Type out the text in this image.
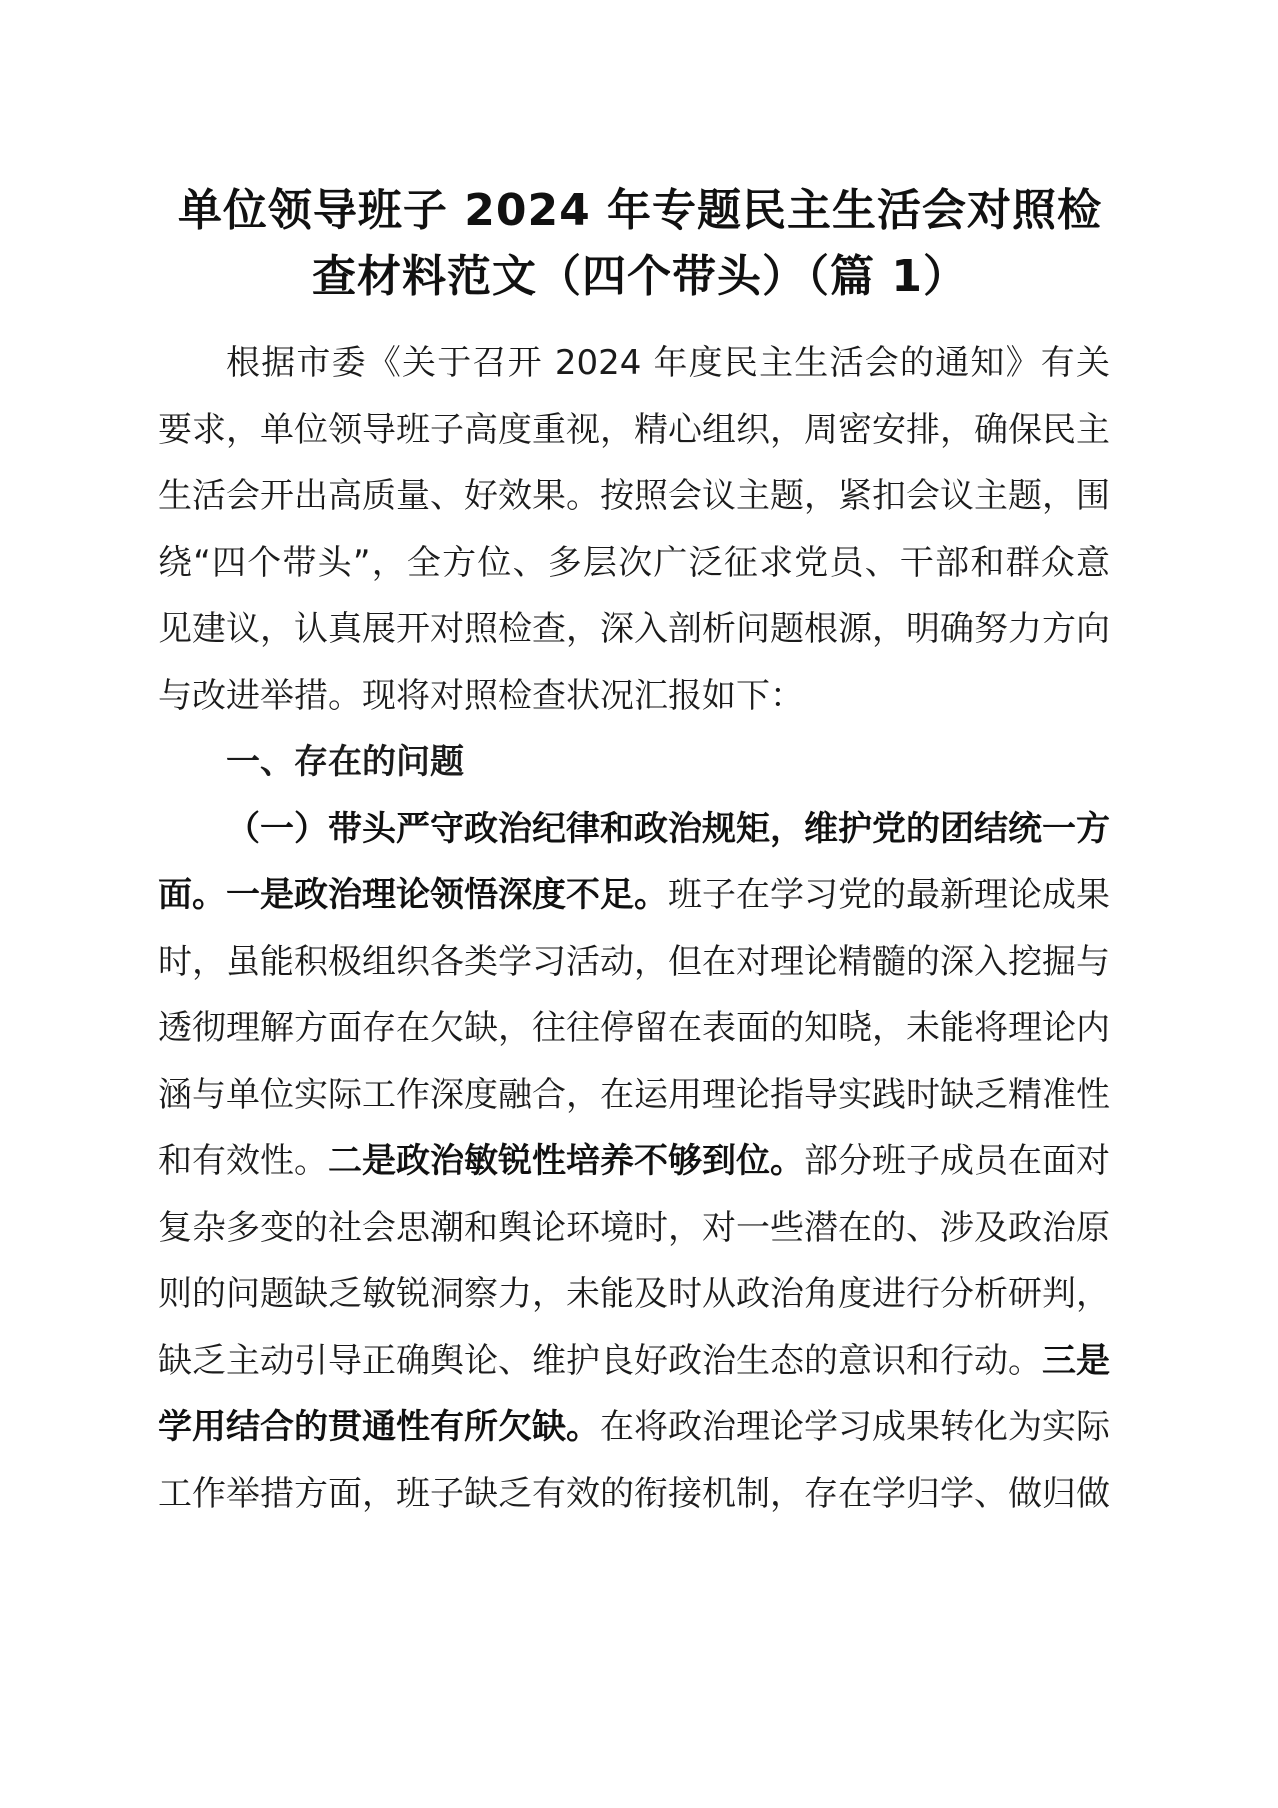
单位领导班子 2024 年专题民主生活会对照检
查材料范文（四个带头）（篇 1）

根据市委《关于召开 2024 年度民主生活会的通知》有关要求，单位领导班子高度重视，精心组织，周密安排，确保民主生活会开出高质量、好效果。按照会议主题，紧扣会议主题，围绕“四个带头”，全方位、多层次广泛征求党员、干部和群众意见建议，认真展开对照检查，深入剖析问题根源，明确努力方向与改进举措。现将对照检查状况汇报如下：

一、存在的问题

（一）带头严守政治纪律和政治规矩，维护党的团结统一方面。一是政治理论领悟深度不足。班子在学习党的最新理论成果时，虽能积极组织各类学习活动，但在对理论精髓的深入挖掘与透彻理解方面存在欠缺，往往停留在表面的知晓，未能将理论内涵与单位实际工作深度融合，在运用理论指导实践时缺乏精准性和有效性。二是政治敏锐性培养不够到位。部分班子成员在面对复杂多变的社会思潮和舆论环境时，对一些潜在的、涉及政治原则的问题缺乏敏锐洞察力，未能及时从政治角度进行分析研判，缺乏主动引导正确舆论、维护良好政治生态的意识和行动。三是学用结合的贯通性有所欠缺。在将政治理论学习成果转化为实际工作举措方面，班子缺乏有效的衔接机制，存在学归学、做归做
